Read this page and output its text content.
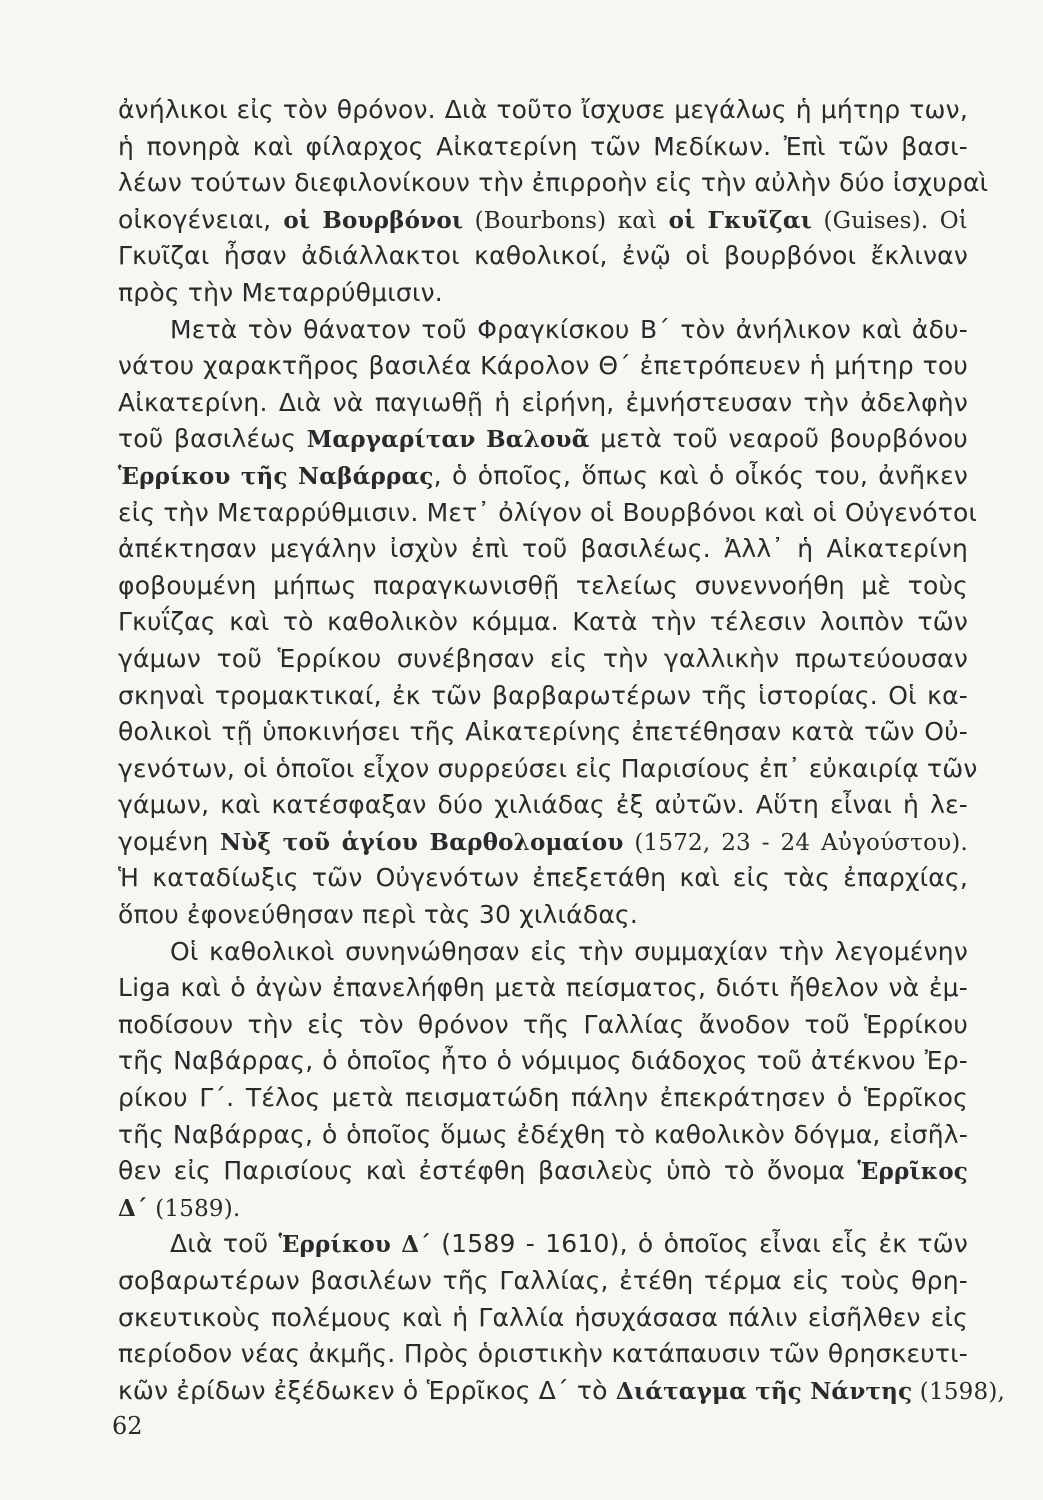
ἀνήλικοι εἰς τὸν θρόνον. Διὰ τοῦτο ἴσχυσε μεγάλως ἡ μήτηρ των,
ἡ πονηρὰ καὶ φίλαρχος Αἰκατερίνη τῶν Μεδίκων. Ἐπὶ τῶν βασι-
λέων τούτων διεφιλονίκουν τὴν ἐπιρροὴν εἰς τὴν αὐλὴν δύο ἰσχυραὶ
οἰκογένειαι, οἱ Βουρβόνοι (Bourbons) καὶ οἱ Γκυῖζαι (Guises). Οἱ
Γκυῖζαι ἦσαν ἀδιάλλακτοι καθολικοί, ἐνῷ οἱ βουρβόνοι ἔκλιναν
πρὸς τὴν Μεταρρύθμισιν.
Μετὰ τὸν θάνατον τοῦ Φραγκίσκου Β΄ τὸν ἀνήλικον καὶ ἀδυ-
νάτου χαρακτῆρος βασιλέα Κάρολον Θ΄ ἐπετρόπευεν ἡ μήτηρ του
Αἰκατερίνη. Διὰ νὰ παγιωθῇ ἡ εἰρήνη, ἐμνήστευσαν τὴν ἀδελφὴν
τοῦ βασιλέως Μαργαρίταν Βαλουᾶ μετὰ τοῦ νεαροῦ βουρβόνου
Ἑρρίκου τῆς Ναβάρρας, ὁ ὁποῖος, ὅπως καὶ ὁ οἶκός του, ἀνῆκεν
εἰς τὴν Μεταρρύθμισιν. Μετ᾽ ὀλίγον οἱ Βουρβόνοι καὶ οἱ Οὐγενότοι
ἀπέκτησαν μεγάλην ἰσχὺν ἐπὶ τοῦ βασιλέως. Ἀλλ᾽ ἡ Αἰκατερίνη
φοβουμένη μήπως παραγκωνισθῇ τελείως συνεννοήθη μὲ τοὺς
Γκυΐζας καὶ τὸ καθολικὸν κόμμα. Κατὰ τὴν τέλεσιν λοιπὸν τῶν
γάμων τοῦ Ἑρρίκου συνέβησαν εἰς τὴν γαλλικὴν πρωτεύουσαν
σκηναὶ τρομακτικαί, ἐκ τῶν βαρβαρωτέρων τῆς ἱστορίας. Οἱ κα-
θολικοὶ τῇ ὑποκινήσει τῆς Αἰκατερίνης ἐπετέθησαν κατὰ τῶν Οὐ-
γενότων, οἱ ὁποῖοι εἶχον συρρεύσει εἰς Παρισίους ἐπ᾽ εὐκαιρίᾳ τῶν
γάμων, καὶ κατέσφαξαν δύο χιλιάδας ἐξ αὐτῶν. Αὕτη εἶναι ἡ λε-
γομένη Νὺξ τοῦ ἁγίου Βαρθολομαίου (1572, 23 - 24 Αὐγούστου).
Ἡ καταδίωξις τῶν Οὐγενότων ἐπεξετάθη καὶ εἰς τὰς ἐπαρχίας,
ὅπου ἐφονεύθησαν περὶ τὰς 30 χιλιάδας.
Οἱ καθολικοὶ συνηνώθησαν εἰς τὴν συμμαχίαν τὴν λεγομένην
Liga καὶ ὁ ἀγὼν ἐπανελήφθη μετὰ πείσματος, διότι ἤθελον νὰ ἐμ-
ποδίσουν τὴν εἰς τὸν θρόνον τῆς Γαλλίας ἄνοδον τοῦ Ἑρρίκου
τῆς Ναβάρρας, ὁ ὁποῖος ἦτο ὁ νόμιμος διάδοχος τοῦ ἀτέκνου Ἐρ-
ρίκου Γ΄. Τέλος μετὰ πεισματώδη πάλην ἐπεκράτησεν ὁ Ἑρρῖκος
τῆς Ναβάρρας, ὁ ὁποῖος ὅμως ἐδέχθη τὸ καθολικὸν δόγμα, εἰσῆλ-
θεν εἰς Παρισίους καὶ ἐστέφθη βασιλεὺς ὑπὸ τὸ ὄνομα Ἑρρῖκος
Δ΄ (1589).
Διὰ τοῦ Ἑρρίκου Δ΄ (1589 - 1610), ὁ ὁποῖος εἶναι εἷς ἐκ τῶν
σοβαρωτέρων βασιλέων τῆς Γαλλίας, ἐτέθη τέρμα εἰς τοὺς θρη-
σκευτικοὺς πολέμους καὶ ἡ Γαλλία ἡσυχάσασα πάλιν εἰσῆλθεν εἰς
περίοδον νέας ἀκμῆς. Πρὸς ὁριστικὴν κατάπαυσιν τῶν θρησκευτι-
κῶν ἐρίδων ἐξέδωκεν ὁ Ἑρρῖκος Δ΄ τὸ Διάταγμα τῆς Νάντης (1598),
62
